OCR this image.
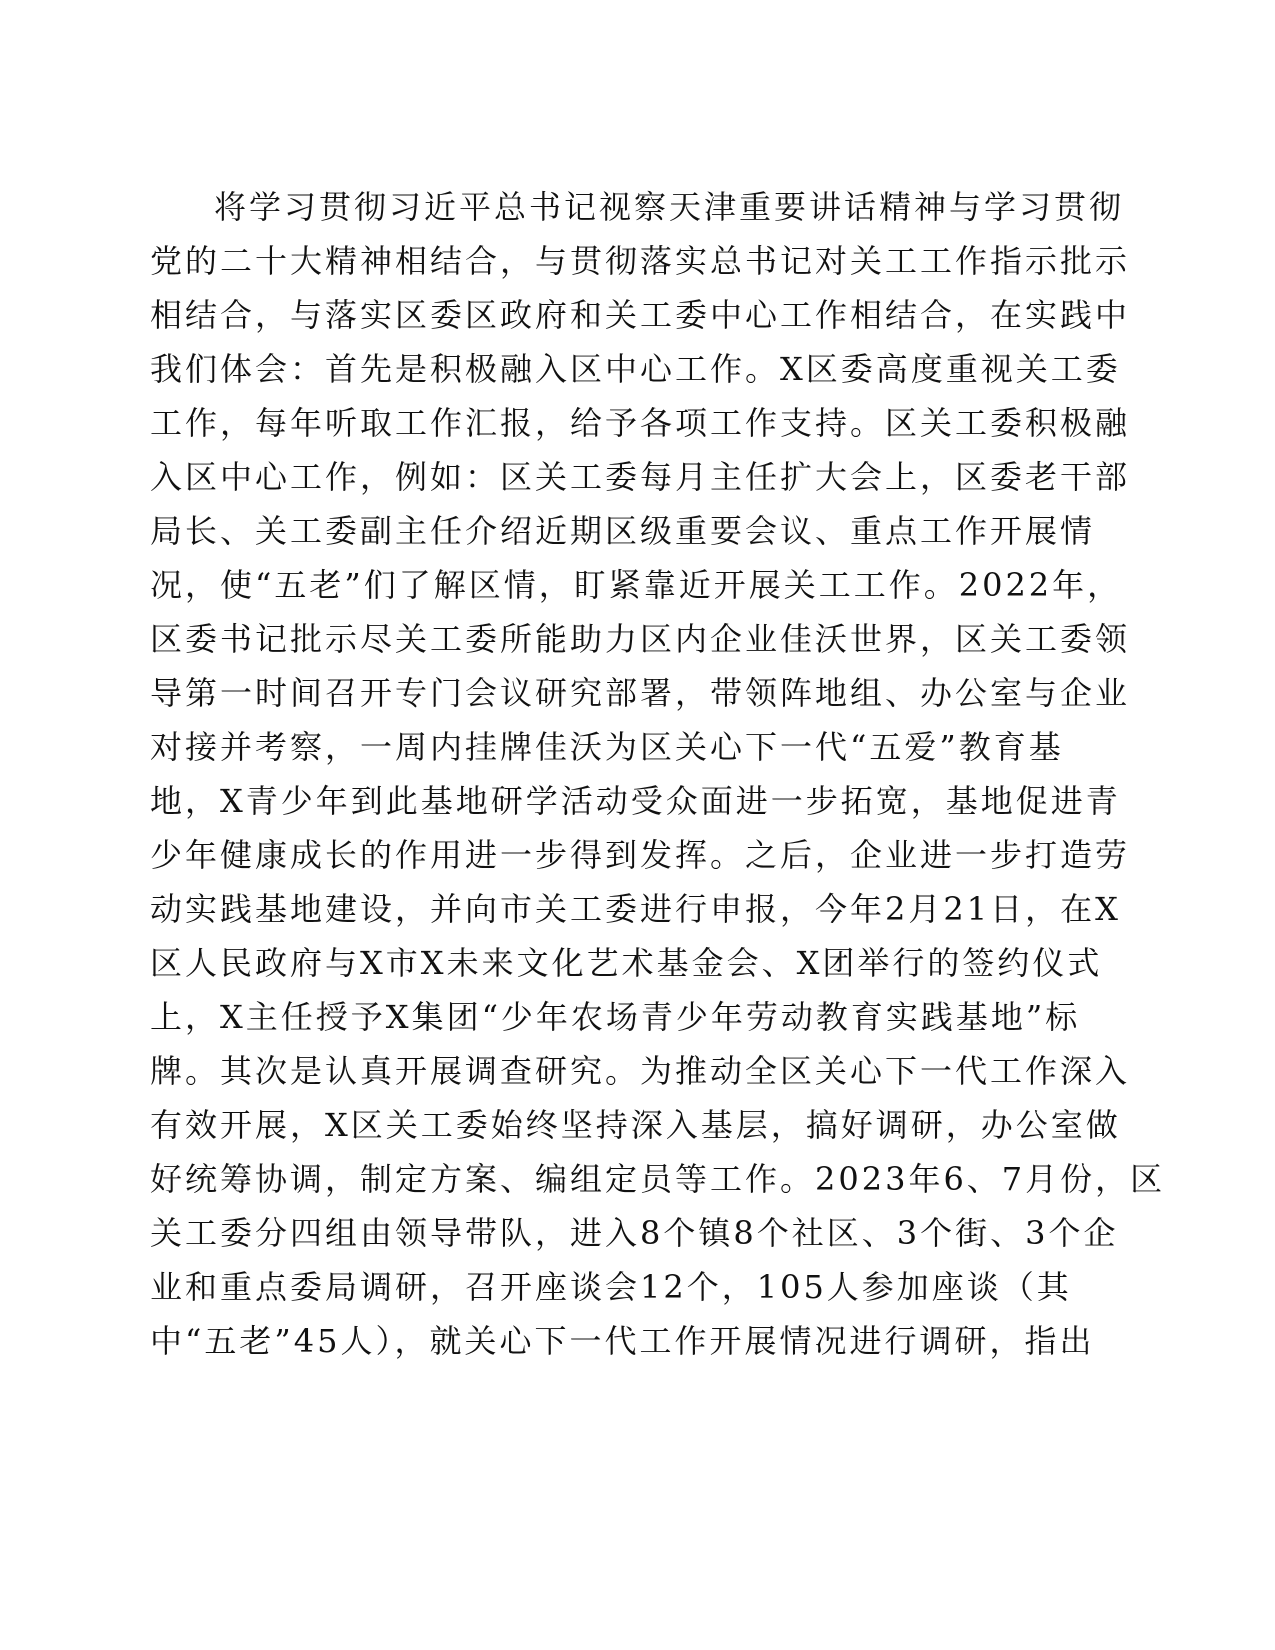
将学习贯彻习近平总书记视察天津重要讲话精神与学习贯彻
党的二十大精神相结合，与贯彻落实总书记对关工工作指示批示
相结合，与落实区委区政府和关工委中心工作相结合，在实践中
我们体会：首先是积极融入区中心工作。X区委高度重视关工委
工作，每年听取工作汇报，给予各项工作支持。区关工委积极融
入区中心工作，例如：区关工委每月主任扩大会上，区委老干部
局长、关工委副主任介绍近期区级重要会议、重点工作开展情
况，使“五老”们了解区情，盯紧靠近开展关工工作。2022年，
区委书记批示尽关工委所能助力区内企业佳沃世界，区关工委领
导第一时间召开专门会议研究部署，带领阵地组、办公室与企业
对接并考察，一周内挂牌佳沃为区关心下一代“五爱”教育基
地，X青少年到此基地研学活动受众面进一步拓宽，基地促进青
少年健康成长的作用进一步得到发挥。之后，企业进一步打造劳
动实践基地建设，并向市关工委进行申报，今年2月21日，在X
区人民政府与X市X未来文化艺术基金会、X团举行的签约仪式
上，X主任授予X集团“少年农场青少年劳动教育实践基地”标
牌。其次是认真开展调查研究。为推动全区关心下一代工作深入
有效开展，X区关工委始终坚持深入基层，搞好调研，办公室做
好统筹协调，制定方案、编组定员等工作。2023年6、7月份，区
关工委分四组由领导带队，进入8个镇8个社区、3个街、3个企
业和重点委局调研，召开座谈会12个，105人参加座谈（其
中“五老”45人），就关心下一代工作开展情况进行调研，指出
